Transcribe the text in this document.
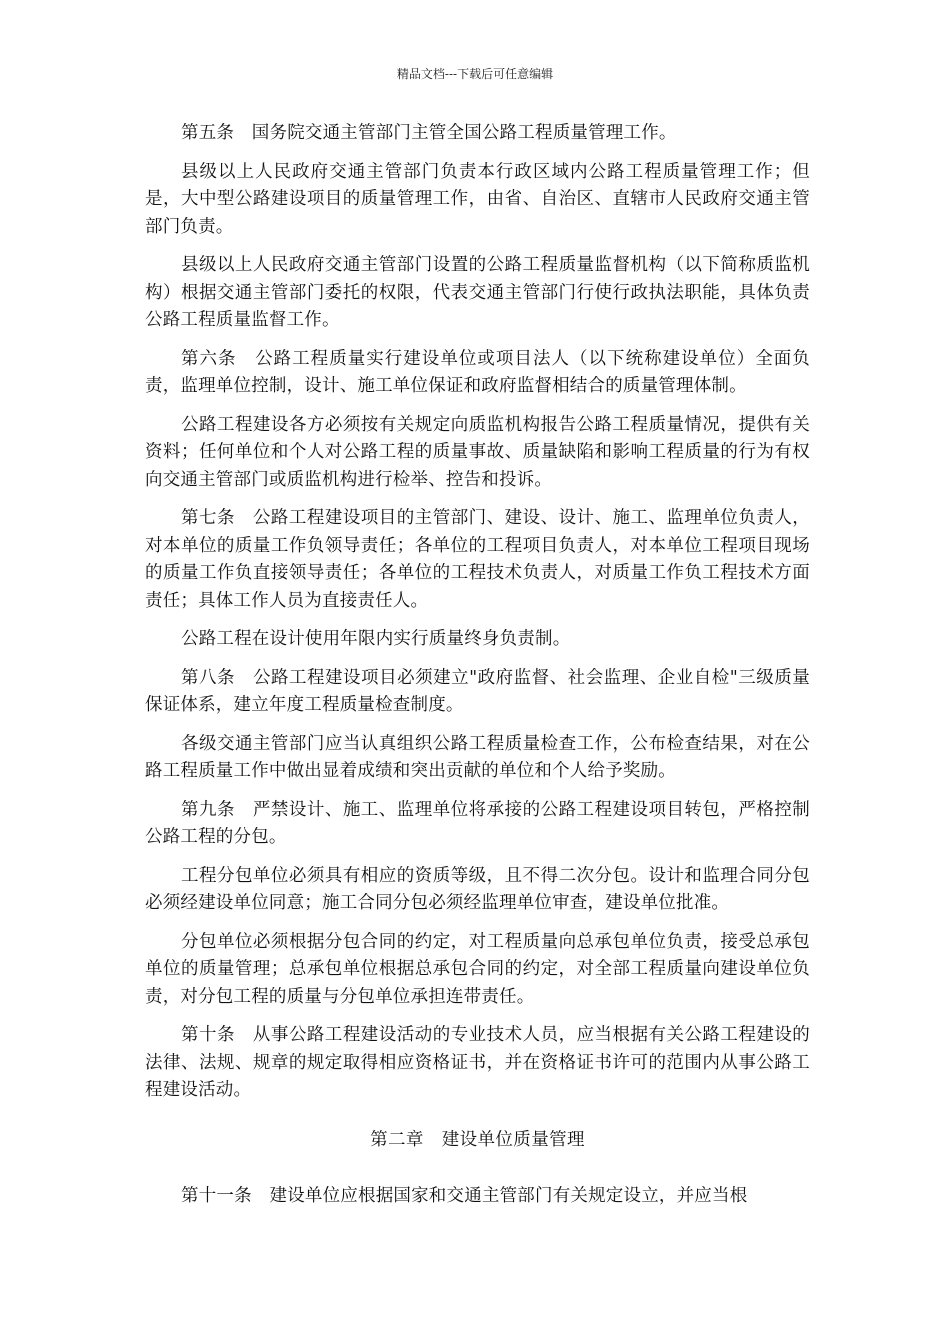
精品文档---下载后可任意编辑

第五条　国务院交通主管部门主管全国公路工程质量管理工作。

县级以上人民政府交通主管部门负责本行政区域内公路工程质量管理工作；但是，大中型公路建设项目的质量管理工作，由省、自治区、直辖市人民政府交通主管部门负责。

县级以上人民政府交通主管部门设置的公路工程质量监督机构（以下简称质监机构）根据交通主管部门委托的权限，代表交通主管部门行使行政执法职能，具体负责公路工程质量监督工作。

第六条　公路工程质量实行建设单位或项目法人（以下统称建设单位）全面负责，监理单位控制，设计、施工单位保证和政府监督相结合的质量管理体制。

公路工程建设各方必须按有关规定向质监机构报告公路工程质量情况，提供有关资料；任何单位和个人对公路工程的质量事故、质量缺陷和影响工程质量的行为有权向交通主管部门或质监机构进行检举、控告和投诉。

第七条　公路工程建设项目的主管部门、建设、设计、施工、监理单位负责人，对本单位的质量工作负领导责任；各单位的工程项目负责人，对本单位工程项目现场的质量工作负直接领导责任；各单位的工程技术负责人，对质量工作负工程技术方面责任；具体工作人员为直接责任人。

公路工程在设计使用年限内实行质量终身负责制。

第八条　公路工程建设项目必须建立"政府监督、社会监理、企业自检"三级质量保证体系，建立年度工程质量检查制度。

各级交通主管部门应当认真组织公路工程质量检查工作，公布检查结果，对在公路工程质量工作中做出显着成绩和突出贡献的单位和个人给予奖励。

第九条　严禁设计、施工、监理单位将承接的公路工程建设项目转包，严格控制公路工程的分包。

工程分包单位必须具有相应的资质等级，且不得二次分包。设计和监理合同分包必须经建设单位同意；施工合同分包必须经监理单位审查，建设单位批准。

分包单位必须根据分包合同的约定，对工程质量向总承包单位负责，接受总承包单位的质量管理；总承包单位根据总承包合同的约定，对全部工程质量向建设单位负责，对分包工程的质量与分包单位承担连带责任。

第十条　从事公路工程建设活动的专业技术人员，应当根据有关公路工程建设的法律、法规、规章的规定取得相应资格证书，并在资格证书许可的范围内从事公路工程建设活动。

第二章　建设单位质量管理

第十一条　建设单位应根据国家和交通主管部门有关规定设立，并应当根
